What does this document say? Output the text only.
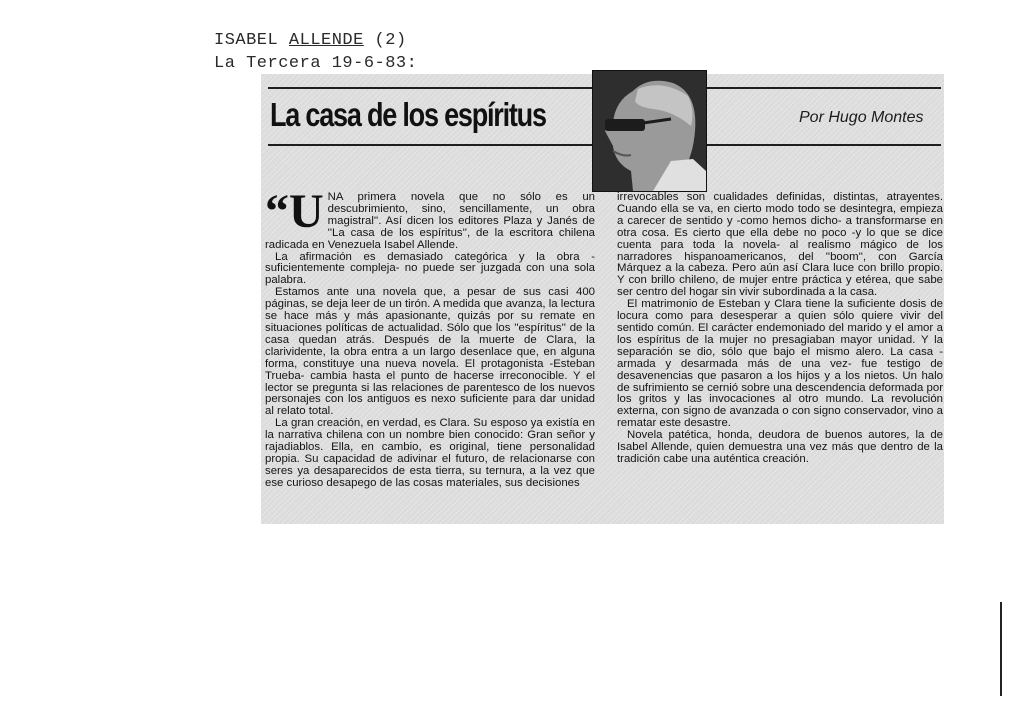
ISABEL ALLENDE (2)
La Tercera 19-6-83:
La casa de los espíritus	Por Hugo Montes

“UNA primera novela que no sólo es un descubrimiento, sino, sencillamente, un obra magistral''. Así dicen los editores Plaza y Janés de ''La casa de los espíritus'', de la escritora chilena radicada en Venezuela Isabel Allende.

La afirmación es demasiado categórica y la obra -suficientemente compleja- no puede ser juzgada con una sola palabra.

Estamos ante una novela que, a pesar de sus casi 400 páginas, se deja leer de un tirón. A medida que avanza, la lectura se hace más y más apasionante, quizás por su remate en situaciones políticas de actualidad. Sólo que los ''espíritus'' de la casa quedan atrás. Después de la muerte de Clara, la clarividente, la obra entra a un largo desenlace que, en alguna forma, constituye una nueva novela. El protagonista -Esteban Trueba- cambia hasta el punto de hacerse irreconocible. Y el lector se pregunta si las relaciones de parentesco de los nuevos personajes con los antiguos es nexo suficiente para dar unidad al relato total.

La gran creación, en verdad, es Clara. Su esposo ya existía en la narrativa chilena con un nombre bien conocido: Gran señor y rajadiablos. Ella, en cambio, es original, tiene personalidad propia. Su capacidad de adivinar el futuro, de relacionarse con seres ya desaparecidos de esta tierra, su ternura, a la vez que ese curioso desapego de las cosas materiales, sus decisiones

irrevocables son cualidades definidas, distintas, atrayentes. Cuando ella se va, en cierto modo todo se desintegra, empieza a carecer de sentido y -como hemos dicho- a transformarse en otra cosa. Es cierto que ella debe no poco -y lo que se dice cuenta para toda la novela- al realismo mágico de los narradores hispanoamericanos, del ''boom'', con García Márquez a la cabeza. Pero aún así Clara luce con brillo propio. Y con brillo chileno, de mujer entre práctica y etérea, que sabe ser centro del hogar sin vivir subordinada a la casa.

El matrimonio de Esteban y Clara tiene la suficiente dosis de locura como para desesperar a quien sólo quiere vivir del sentido común. El carácter endemoniado del marido y el amor a los espíritus de la mujer no presagiaban mayor unidad. Y la separación se dio, sólo que bajo el mismo alero. La casa -armada y desarmada más de una vez- fue testigo de desavenencias que pasaron a los hijos y a los nietos. Un halo de sufrimiento se cernió sobre una descendencia deformada por los gritos y las invocaciones al otro mundo. La revolución externa, con signo de avanzada o con signo conservador, vino a rematar este desastre.

Novela patética, honda, deudora de buenos autores, la de Isabel Allende, quien demuestra una vez más que dentro de la tradición cabe una auténtica creación.
